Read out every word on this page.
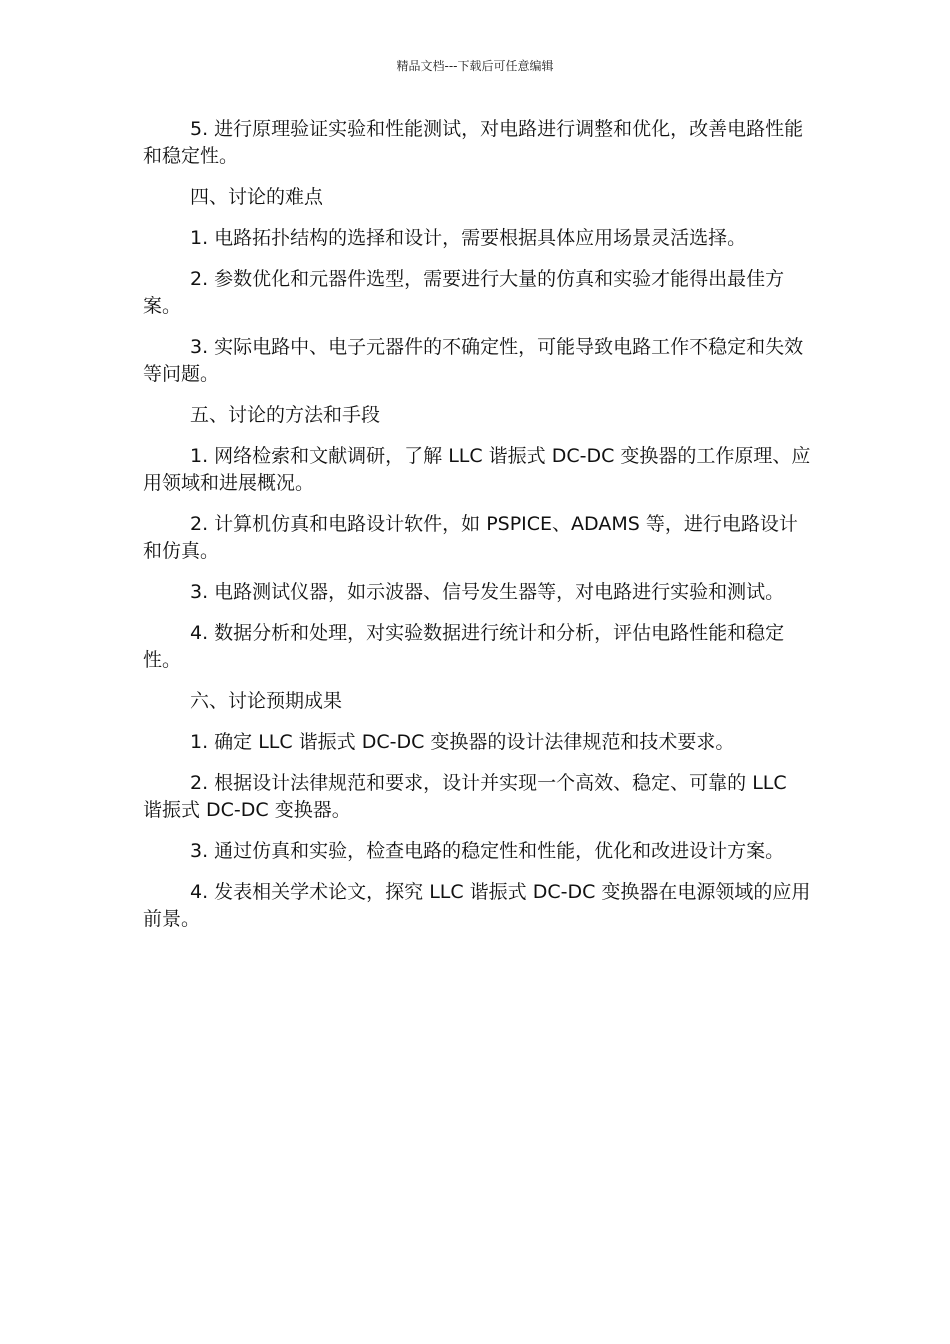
精品文档---下载后可任意编辑

5. 进行原理验证实验和性能测试，对电路进行调整和优化，改善电路性能和稳定性。

四、讨论的难点

1. 电路拓扑结构的选择和设计，需要根据具体应用场景灵活选择。

2. 参数优化和元器件选型，需要进行大量的仿真和实验才能得出最佳方案。

3. 实际电路中、电子元器件的不确定性，可能导致电路工作不稳定和失效等问题。

五、讨论的方法和手段

1. 网络检索和文献调研，了解 LLC 谐振式 DC-DC 变换器的工作原理、应用领域和进展概况。

2. 计算机仿真和电路设计软件，如 PSPICE、ADAMS 等，进行电路设计和仿真。

3. 电路测试仪器，如示波器、信号发生器等，对电路进行实验和测试。

4. 数据分析和处理，对实验数据进行统计和分析，评估电路性能和稳定性。

六、讨论预期成果

1. 确定 LLC 谐振式 DC-DC 变换器的设计法律规范和技术要求。

2. 根据设计法律规范和要求，设计并实现一个高效、稳定、可靠的 LLC 谐振式 DC-DC 变换器。

3. 通过仿真和实验，检查电路的稳定性和性能，优化和改进设计方案。

4. 发表相关学术论文，探究 LLC 谐振式 DC-DC 变换器在电源领域的应用前景。
